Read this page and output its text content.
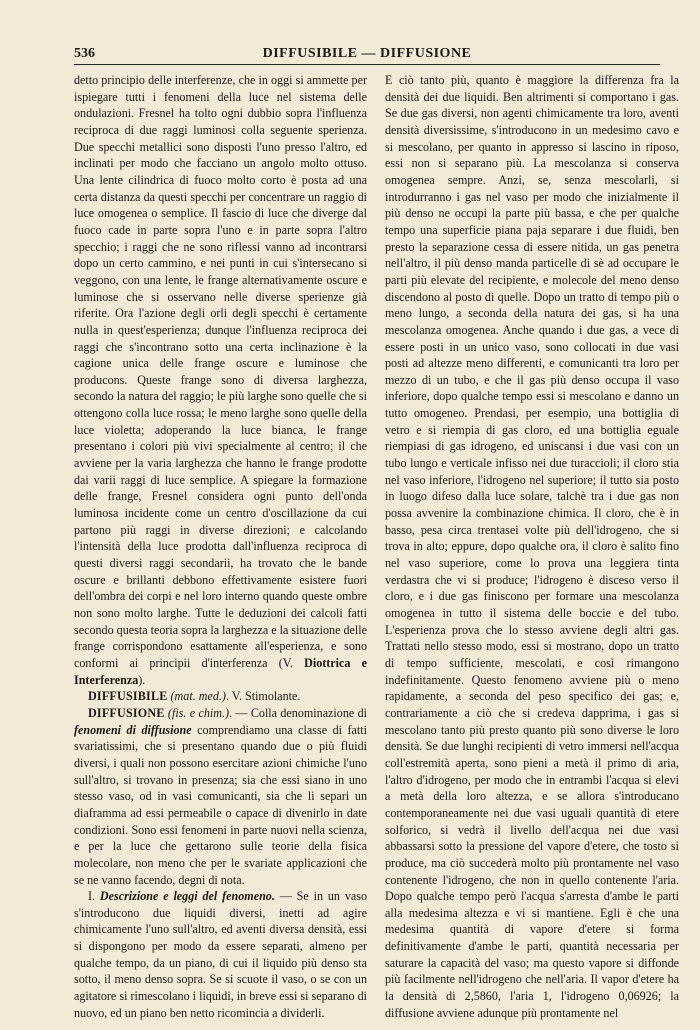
536	DIFFUSIBILE — DIFFUSIONE

detto principio delle interferenze, che in oggi si ammette per ispiegare tutti i fenomeni della luce nel sistema delle ondulazioni. Fresnel ha tolto ogni dubbio sopra l'influenza reciproca di due raggi luminosi colla seguente sperienza. Due specchi metallici sono disposti l'uno presso l'altro, ed inclinati per modo che facciano un angolo molto ottuso. Una lente cilindrica di fuoco molto corto è posta ad una certa distanza da questi specchi per concentrare un raggio di luce omogenea o semplice. Il fascio di luce che diverge dal fuoco cade in parte sopra l'uno e in parte sopra l'altro specchio; i raggi che ne sono riflessi vanno ad incontrarsi dopo un certo cammino, e nei punti in cui s'intersecano si veggono, con una lente, le frange alternativamente oscure e luminose che si osservano nelle diverse sperienze già riferite. Ora l'azione degli orli degli specchi è certamente nulla in quest'esperienza; dunque l'influenza reciproca dei raggi che s'incontrano sotto una certa inclinazione è la cagione unica delle frange oscure e luminose che producons. Queste frange sono di diversa larghezza, secondo la natura del raggio; le più larghe sono quelle che si ottengono colla luce rossa; le meno larghe sono quelle della luce violetta; adoperando la luce bianca, le frange presentano i colori più vivi specialmente al centro; il che avviene per la varia larghezza che hanno le frange prodotte dai varii raggi di luce semplice. A spiegare la formazione delle frange, Fresnel considera ogni punto dell'onda luminosa incidente come un centro d'oscillazione da cui partono più raggi in diverse direzioni; e calcolando l'intensità della luce prodotta dall'influenza reciproca di questi diversi raggi secondarii, ha trovato che le bande oscure e brillanti debbono effettivamente esistere fuori dell'ombra dei corpi e nel loro interno quando queste ombre non sono molto larghe. Tutte le deduzioni dei calcoli fatti secondo questa teoria sopra la larghezza e la situazione delle frange corrispondono esattamente all'esperienza, e sono conformi ai principii d'interferenza (V. Diottrica e Interferenza).

DIFFUSIBILE (mat. med.). V. Stimolante.

DIFFUSIONE (fis. e chim.). — Colla denominazione di fenomeni di diffusione comprendiamo una classe di fatti svariatissimi, che si presentano quando due o più fluidi diversi, i quali non possono esercitare azioni chimiche l'uno sull'altro, si trovano in presenza; sia che essi siano in uno stesso vaso, od in vasi comunicanti, sia che li separi un diaframma ad essi permeabile o capace di divenirlo in date condizioni. Sono essi fenomeni in parte nuovi nella scienza, e per la luce che gettarono sulle teorie della fisica molecolare, non meno che per le svariate applicazioni che se ne vanno facendo, degni di nota.

I. Descrizione e leggi del fenomeno. — Se in un vaso s'introducono due liquidi diversi, inetti ad agire chimicamente l'uno sull'altro, ed aventi diversa densità, essi si dispongono per modo da essere separati, almeno per qualche tempo, da un piano, di cui il liquido più denso sta sotto, il meno denso sopra. Se si scuote il vaso, o se con un agitatore si rimescolano i liquidi, in breve essi si separano di nuovo, ed un piano ben netto ricomincia a dividerli.

E ciò tanto più, quanto è maggiore la differenza fra la densità dei due liquidi. Ben altrimenti si comportano i gas. Se due gas diversi, non agenti chimicamente tra loro, aventi densità diversissime, s'introducono in un medesimo cavo e si mescolano, per quanto in appresso si lascino in riposo, essi non si separano più. La mescolanza si conserva omogenea sempre. Anzi, se, senza mescolarli, si introdurranno i gas nel vaso per modo che inizialmente il più denso ne occupi la parte più bassa, e che per qualche tempo una superficie piana paja separare i due fluidi, ben presto la separazione cessa di essere nitida, un gas penetra nell'altro, il più denso manda particelle di sè ad occupare le parti più elevate del recipiente, e molecole del meno denso discendono al posto di quelle. Dopo un tratto di tempo più o meno lungo, a seconda della natura dei gas, si ha una mescolanza omogenea. Anche quando i due gas, a vece di essere posti in un unico vaso, sono collocati in due vasi posti ad altezze meno differenti, e comunicanti tra loro per mezzo di un tubo, e che il gas più denso occupa il vaso inferiore, dopo qualche tempo essi si mescolano e danno un tutto omogeneo. Prendasi, per esempio, una bottiglia di vetro e si riempia di gas cloro, ed una bottiglia eguale riempiasi di gas idrogeno, ed uniscansi i due vasi con un tubo lungo e verticale infisso nei due turaccioli; il cloro stia nel vaso inferiore, l'idrogeno nel superiore; il tutto sia posto in luogo difeso dalla luce solare, talchè tra i due gas non possa avvenire la combinazione chimica. Il cloro, che è in basso, pesa circa trentasei volte più dell'idrogeno, che si trova in alto; eppure, dopo qualche ora, il cloro è salito fino nel vaso superiore, come lo prova una leggiera tinta verdastra che vi si produce; l'idrogeno è disceso verso il cloro, e i due gas finiscono per formare una mescolanza omogenea in tutto il sistema delle boccie e del tubo. L'esperienza prova che lo stesso avviene degli altri gas. Trattati nello stesso modo, essi si mostrano, dopo un tratto di tempo sufficiente, mescolati, e così rimangono indefinitamente. Questo fenomeno avviene più o meno rapidamente, a seconda del peso specifico dei gas; e, contrariamente a ciò che si credeva dapprima, i gas si mescolano tanto più presto quanto più sono diverse le loro densità. Se due lunghi recipienti di vetro immersi nell'acqua coll'estremità aperta, sono pieni a metà il primo di aria, l'altro d'idrogeno, per modo che in entrambi l'acqua si elevi a metà della loro altezza, e se allora s'introducano contemporaneamente nei due vasi uguali quantità di etere solforico, si vedrà il livello dell'acqua nei due vasi abbassarsi sotto la pressione del vapore d'etere, che tosto si produce, ma ciò succederà molto più prontamente nel vaso contenente l'idrogeno, che non in quello contenente l'aria. Dopo qualche tempo però l'acqua s'arresta d'ambe le parti alla medesima altezza e vi si mantiene. Egli è che una medesima quantità di vapore d'etere si forma definitivamente d'ambe le parti, quantità necessaria per saturare la capacità del vaso; ma questo vapore si diffonde più facilmente nell'idrogeno che nell'aria. Il vapor d'etere ha la densità di 2,5860, l'aria 1, l'idrogeno 0,06926; la diffusione avviene adunque più prontamente nel
